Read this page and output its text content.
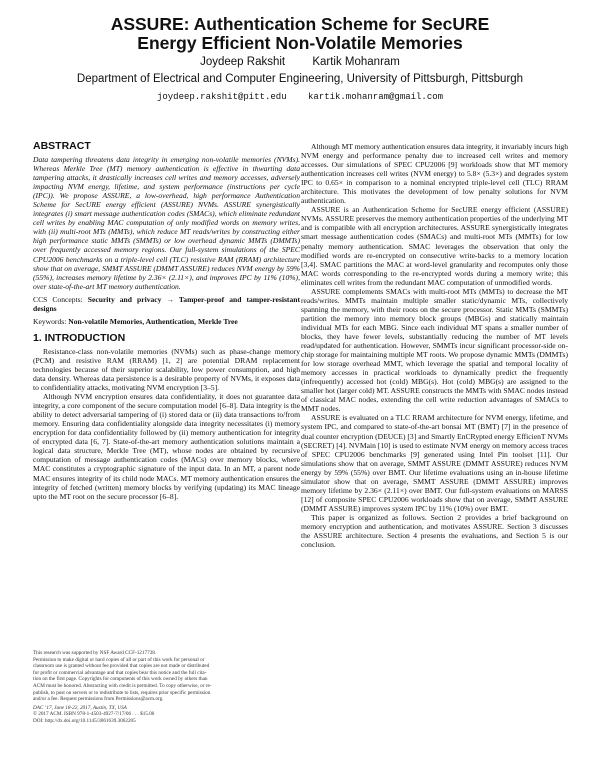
ASSURE: Authentication Scheme for SecURE
Energy Efficient Non-Volatile Memories
Joydeep Rakshit Kartik Mohanram
Department of Electrical and Computer Engineering, University of Pittsburgh, Pittsburgh
joydeep.rakshit@pitt.edu kartik.mohanram@gmail.com
ABSTRACT

Data tampering threatens data integrity in emerging non-volatile memories (NVMs). Whereas Merkle Tree (MT) memory authentication is effective in thwarting data tampering attacks, it drastically increases cell writes and memory accesses, adversely impacting NVM energy, lifetime, and system performance (instructions per cycle (IPC)). We propose ASSURE, a low-overhead, high performance Authentication Scheme for SecURE energy efficient (ASSURE) NVMs. ASSURE synergistically integrates (i) smart message authentication codes (SMACs), which eliminate redundant cell writes by enabling MAC computation of only modified words on memory writes, with (ii) multi-root MTs (MMTs), which reduce MT reads/writes by constructing either high performance static MMTs (SMMTs) or low overhead dynamic MMTs (DMMTs) over frequently accessed memory regions. Our full-system simulations of the SPEC CPU2006 benchmarks on a triple-level cell (TLC) resistive RAM (RRAM) architecture show that on average, SMMT ASSURE (DMMT ASSURE) reduces NVM energy by 59% (55%), increases memory lifetime by 2.36× (2.11×), and improves IPC by 11% (10%), over state-of-the-art MT memory authentication.

CCS Concepts: Security and privacy → Tamper-proof and tamper-resistant designs

Keywords: Non-volatile Memories, Authentication, Merkle Tree

1. INTRODUCTION

Resistance-class non-volatile memories (NVMs) such as phase-change memory (PCM) and resistive RAM (RRAM) [1, 2] are potential DRAM replacement technologies because of their superior scalability, low power consumption, and high data density. Whereas data persistence is a desirable property of NVMs, it exposes data to confidentiality attacks, motivating NVM encryption [3–5].

Although NVM encryption ensures data confidentiality, it does not guarantee data integrity, a core component of the secure computation model [6–8]. Data integrity is the ability to detect adversarial tampering of (i) stored data or (ii) data transactions to/from memory. Ensuring data confidentiality alongside data integrity necessitates (i) memory encryption for data confidentiality followed by (ii) memory authentication for integrity of encrypted data [6, 7]. State-of-the-art memory authentication solutions maintain a logical data structure, Merkle Tree (MT), whose nodes are obtained by recursive computation of message authentication codes (MACs) over memory blocks, where MAC constitutes a cryptographic signature of the input data. In an MT, a parent node MAC ensures integrity of its child node MACs. MT memory authentication ensures the integrity of fetched (written) memory blocks by verifying (updating) its MAC lineage upto the MT root on the secure processor [6–8].

This research was supported by NSF Award CCF-1217738.
Permission to make digital or hard copies of all or part of this work for personal or
classroom use is granted without fee provided that copies are not made or distributed
for profit or commercial advantage and that copies bear this notice and the full cita-
tion on the first page. Copyrights for components of this work owned by others than
ACM must be honored. Abstracting with credit is permitted. To copy otherwise, or re-
publish, to post on servers or to redistribute to lists, requires prior specific permission
and/or a fee. Request permissions from Permissions@acm.org.
DAC ’17, June 18-22, 2017, Austin, TX, USA
© 2017 ACM. ISBN 978-1-4503-4927-7/17/06 . . . $15.00
DOI: http://dx.doi.org/10.1145/3061639.3062205

Although MT memory authentication ensures data integrity, it invariably incurs high NVM energy and performance penalty due to increased cell writes and memory accesses. Our simulations of SPEC CPU2006 [9] workloads show that MT memory authentication increases cell writes (NVM energy) to 5.8× (5.3×) and degrades system IPC to 0.65× in comparison to a nominal encrypted triple-level cell (TLC) RRAM architecture. This motivates the development of low penalty solutions for NVM authentication.

ASSURE is an Authentication Scheme for SecURE energy efficient (ASSURE) NVMs. ASSURE preserves the memory authentication properties of the underlying MT and is compatible with all encryption architectures. ASSURE synergistically integrates smart message authentication codes (SMACs) and multi-root MTs (MMTs) for low penalty memory authentication. SMAC leverages the observation that only the modified words are re-encrypted on consecutive write-backs to a memory location [3,4]. SMAC partitions the MAC at word-level granularity and recomputes only those MAC words corresponding to the re-encrypted words during a memory write; this eliminates cell writes from the redundant MAC computation of unmodified words.

ASSURE complements SMACs with multi-root MTs (MMTs) to decrease the MT reads/writes. MMTs maintain multiple smaller static/dynamic MTs, collectively spanning the memory, with their roots on the secure processor. Static MMTs (SMMTs) partition the memory into memory block groups (MBGs) and statically maintain individual MTs for each MBG. Since each individual MT spans a smaller number of blocks, they have fewer levels, substantially reducing the number of MT levels read/updated for authentication. However, SMMTs incur significant processor-side on-chip storage for maintaining multiple MT roots. We propose dynamic MMTs (DMMTs) for low storage overhead MMT, which leverage the spatial and temporal locality of memory accesses in practical workloads to dynamically predict the frequently (infrequently) accessed hot (cold) MBG(s). Hot (cold) MBG(s) are assigned to the smaller hot (larger cold) MT. ASSURE constructs the MMTs with SMAC nodes instead of classical MAC nodes, extending the cell write reduction advantages of SMACs to MMT nodes.

ASSURE is evaluated on a TLC RRAM architecture for NVM energy, lifetime, and system IPC, and compared to state-of-the-art bonsai MT (BMT) [7] in the presence of dual counter encryption (DEUCE) [3] and Smartly EnCRypted energy EfficienT NVMs (SECRET) [4]. NVMain [10] is used to estimate NVM energy on memory access traces of SPEC CPU2006 benchmarks [9] generated using Intel Pin toolset [11]. Our simulations show that on average, SMMT ASSURE (DMMT ASSURE) reduces NVM energy by 59% (55%) over BMT. Our lifetime evaluations using an in-house lifetime simulator show that on average, SMMT ASSURE (DMMT ASSURE) improves memory lifetime by 2.36× (2.11×) over BMT. Our full-system evaluations on MARSS [12] of composite SPEC CPU2006 workloads show that on average, SMMT ASSURE (DMMT ASSURE) improves system IPC by 11% (10%) over BMT.

This paper is organized as follows. Section 2 provides a brief background on memory encryption and authentication, and motivates ASSURE. Section 3 discusses the ASSURE architecture. Section 4 presents the evaluations, and Section 5 is our conclusion.
